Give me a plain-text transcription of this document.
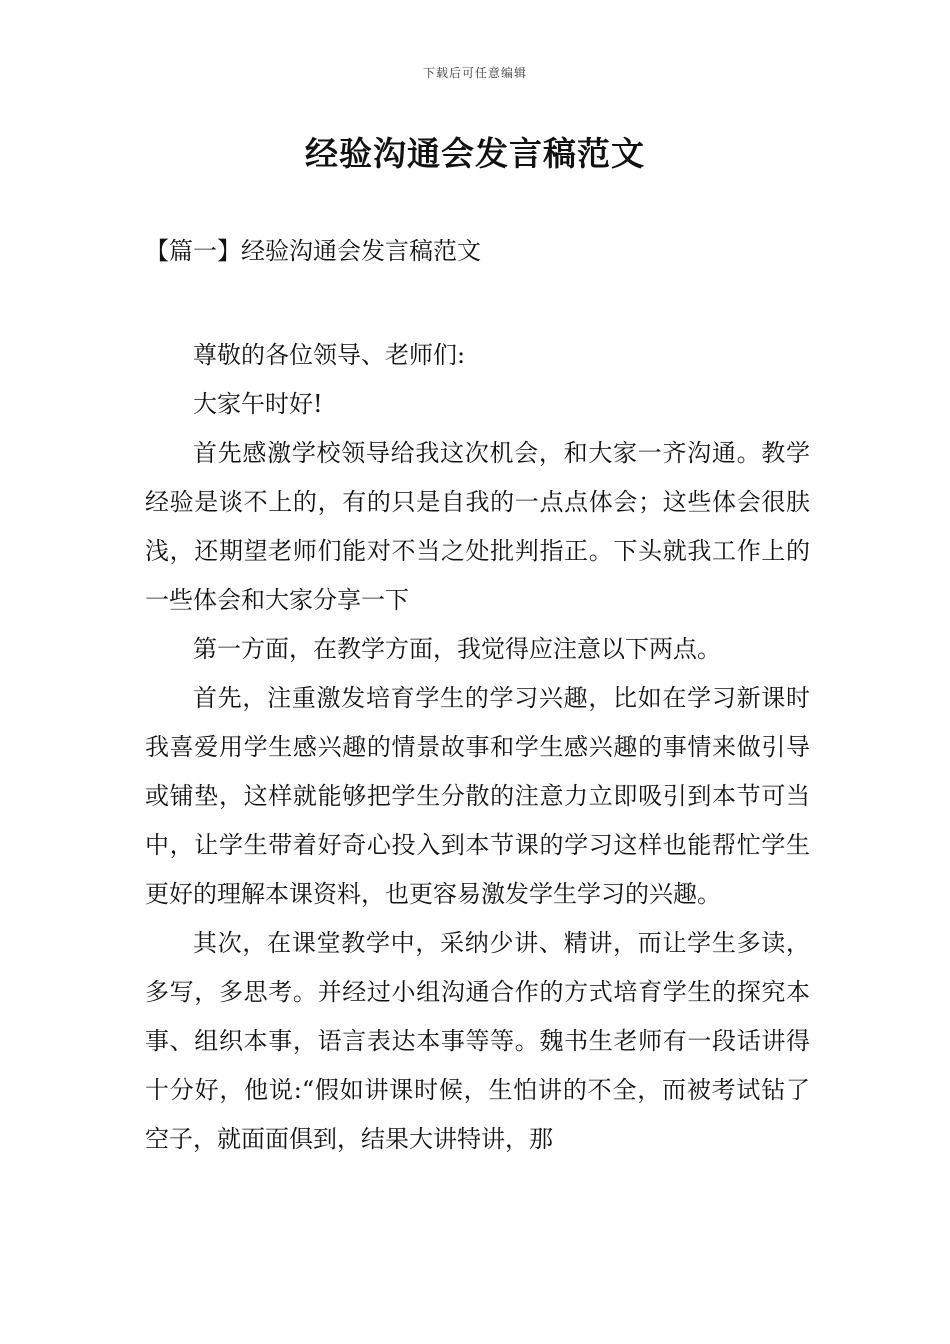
下载后可任意编辑
经验沟通会发言稿范文
【篇一】经验沟通会发言稿范文

尊敬的各位领导、老师们:

大家午时好!

首先感激学校领导给我这次机会，和大家一齐沟通。教学经验是谈不上的，有的只是自我的一点点体会；这些体会很肤浅，还期望老师们能对不当之处批判指正。下头就我工作上的一些体会和大家分享一下

第一方面，在教学方面，我觉得应注意以下两点。

首先，注重激发培育学生的学习兴趣，比如在学习新课时我喜爱用学生感兴趣的情景故事和学生感兴趣的事情来做引导或铺垫，这样就能够把学生分散的注意力立即吸引到本节可当中，让学生带着好奇心投入到本节课的学习这样也能帮忙学生更好的理解本课资料，也更容易激发学生学习的兴趣。

其次，在课堂教学中，采纳少讲、精讲，而让学生多读，多写，多思考。并经过小组沟通合作的方式培育学生的探究本事、组织本事，语言表达本事等等。魏书生老师有一段话讲得十分好，他说:“假如讲课时候，生怕讲的不全，而被考试钻了空子，就面面俱到，结果大讲特讲，那
